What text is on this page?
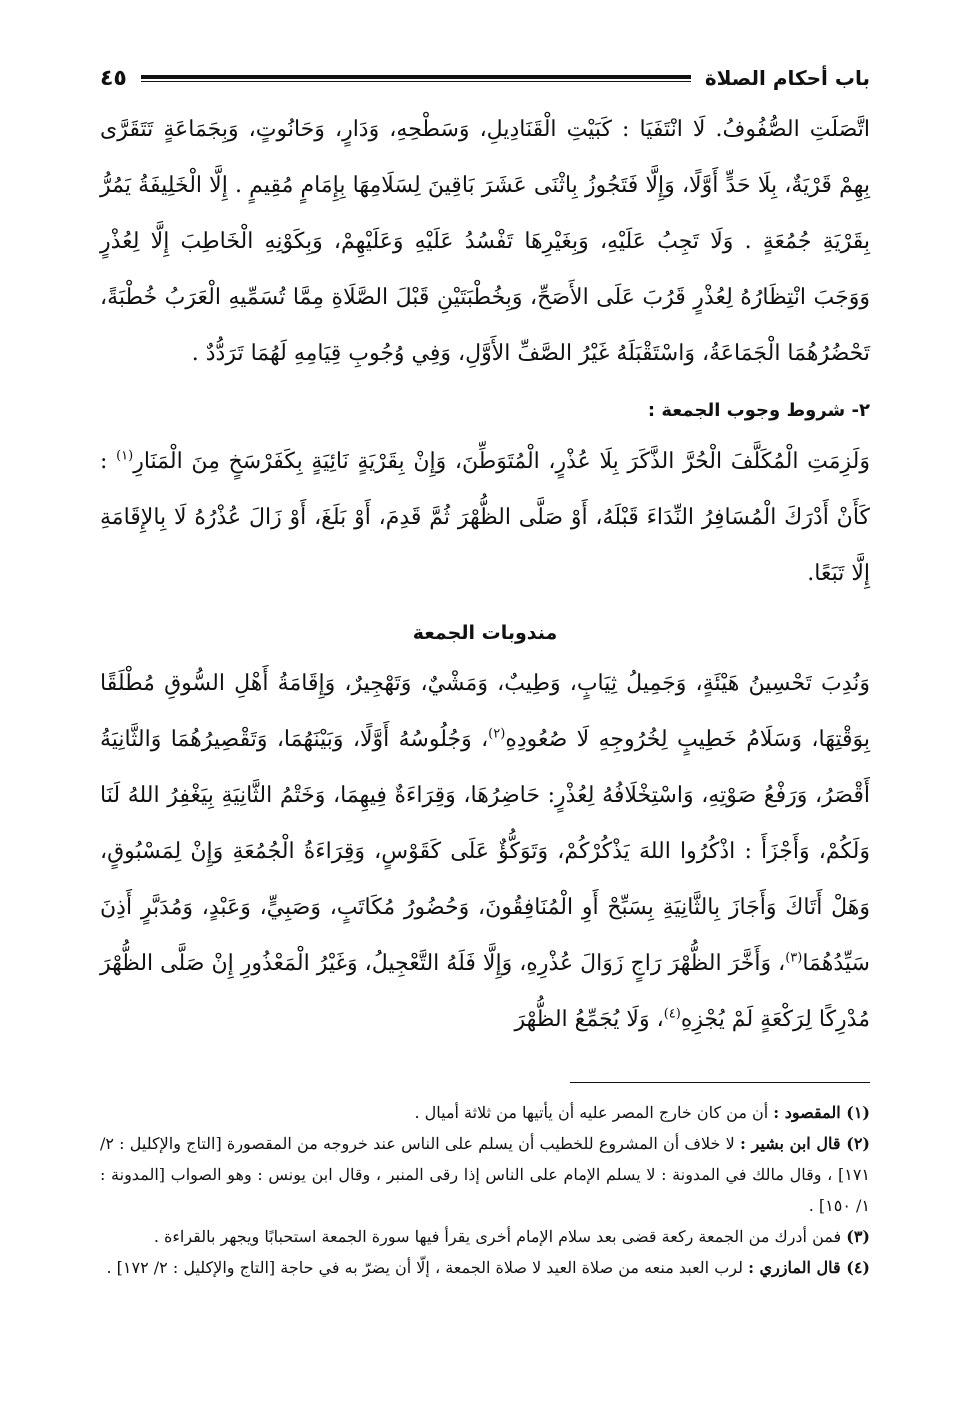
باب أحكام الصلاة
٤٥

اتَّصَلَتِ الصُّفُوفُ. لَا انْتَفَيَا : كَبَيْتِ الْقَنَادِيلِ، وَسَطْحِهِ، وَدَارٍ، وَحَانُوتٍ، وَبِجَمَاعَةٍ تَتَقَرَّى بِهِمْ قَرْيَةٌ، بِلَا حَدٍّ أَوَّلًا، وَإِلَّا فَتَجُوزُ بِاثْنَى عَشَرَ بَاقِينَ لِسَلَامِهَا بِإِمَامٍ مُقِيمٍ . إِلَّا الْخَلِيفَةُ يَمُرُّ بِقَرْيَةِ جُمُعَةٍ . وَلَا تَجِبُ عَلَيْهِ، وَبِغَيْرِهَا تَفْسُدُ عَلَيْهِ وَعَلَيْهِمْ، وَبِكَوْنِهِ الْخَاطِبَ إِلَّا لِعُذْرٍ وَوَجَبَ انْتِظَارُهُ لِعُذْرٍ قَرُبَ عَلَى الأَصَحِّ، وَبِخُطْبَتَيْنِ قَبْلَ الصَّلَاةِ مِمَّا تُسَمِّيهِ الْعَرَبُ خُطْبَةً، تَحْضُرُهُمَا الْجَمَاعَةُ، وَاسْتَقْبَلَهُ غَيْرُ الصَّفِّ الأَوَّلِ، وَفِي وُجُوبِ قِيَامِهِ لَهُمَا تَرَدُّدٌ .

٢- شروط وجوب الجمعة :

وَلَزِمَتِ الْمُكَلَّفَ الْحُرَّ الذَّكَرَ بِلَا عُذْرٍ، الْمُتَوَطِّنَ، وَإِنْ بِقَرْيَةٍ نَائِيَةٍ بِكَفَرْسَخٍ مِنَ الْمَنَارِ$^{(١)}$ : كَأَنْ أَدْرَكَ الْمُسَافِرُ النِّدَاءَ قَبْلَهُ، أَوْ صَلَّى الظُّهْرَ ثُمَّ قَدِمَ، أَوْ بَلَغَ، أَوْ زَالَ عُذْرُهُ لَا بِالإِقَامَةِ إِلَّا تَبَعًا.

مندوبات الجمعة

وَنُدِبَ تَحْسِينُ هَيْئَةٍ، وَجَمِيلُ ثِيَابٍ، وَطِيبٌ، وَمَشْيٌ، وَتَهْجِيرٌ، وَإِقَامَةُ أَهْلِ السُّوقِ مُطْلَقًا بِوَقْتِهَا، وَسَلَامُ خَطِيبٍ لِخُرُوجِهِ لَا صُعُودِهِ$^{(٢)}$، وَجُلُوسُهُ أَوَّلًا، وَبَيْنَهُمَا، وَتَقْصِيرُهُمَا وَالثَّانِيَةُ أَقْصَرُ، وَرَفْعُ صَوْتِهِ، وَاسْتِخْلَافُهُ لِعُذْرٍ: حَاضِرُهَا، وَقِرَاءَةٌ فِيهِمَا، وَخَتْمُ الثَّانِيَةِ بِيَغْفِرُ اللهُ لَنَا وَلَكُمْ، وَأَجْزَأَ : اذْكُرُوا اللهَ يَذْكُرْكُمْ، وَتَوَكُّؤٌ عَلَى كَقَوْسٍ، وَقِرَاءَةُ الْجُمُعَةِ وَإِنْ لِمَسْبُوقٍ، وَهَلْ أَتَاكَ وَأَجَازَ بِالثَّانِيَةِ بِسَبِّحْ أَوِ الْمُنَافِقُونَ، وَحُضُورُ مُكَاتَبٍ، وَصَبِيٍّ، وَعَبْدٍ، وَمُدَبَّرٍ أَذِنَ سَيِّدُهُمَا$^{(٣)}$، وَأَخَّرَ الظُّهْرَ رَاجٍ زَوَالَ عُذْرِهِ، وَإِلَّا فَلَهُ التَّعْجِيلُ، وَغَيْرُ الْمَعْذُورِ إِنْ صَلَّى الظُّهْرَ مُدْرِكًا لِرَكْعَةٍ لَمْ يُجْزِهِ$^{(٤)}$، وَلَا يُجَمِّعُ الظُّهْرَ

(١) المقصود : أن من كان خارج المصر عليه أن يأتيها من ثلاثة أميال .

(٢) قال ابن بشير : لا خلاف أن المشروع للخطيب أن يسلم على الناس عند خروجه من المقصورة [التاج والإكليل : ٢/ ١٧١] ، وقال مالك في المدونة : لا يسلم الإمام على الناس إذا رقى المنبر ، وقال ابن يونس : وهو الصواب [المدونة : ١/ ١٥٠] .

(٣) فمن أدرك من الجمعة ركعة قضى بعد سلام الإمام أخرى يقرأ فيها سورة الجمعة استحبابًا ويجهر بالقراءة .

(٤) قال المازري : لرب العبد منعه من صلاة العيد لا صلاة الجمعة ، إلّا أن يضرّ به في حاجة [التاج والإكليل : ٢/ ١٧٢] .
